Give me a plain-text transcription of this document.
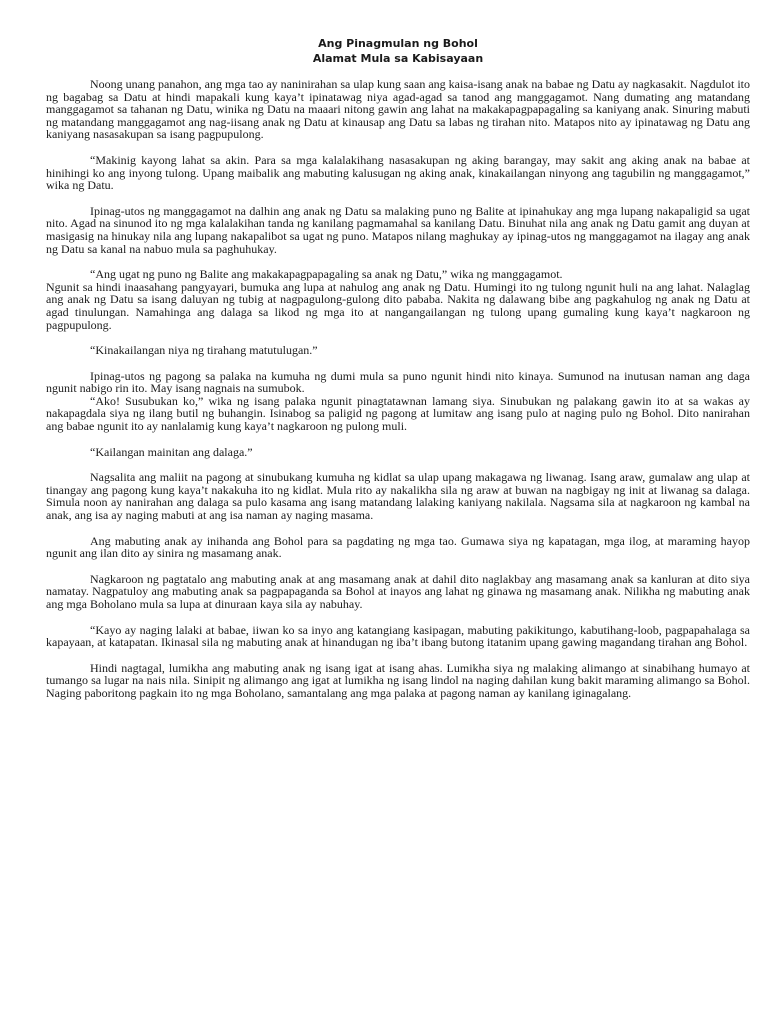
Ang Pinagmulan ng Bohol
Alamat Mula sa Kabisayaan

Noong unang panahon, ang mga tao ay naninirahan sa ulap kung saan ang kaisa-isang anak na babae ng Datu ay nagkasakit. Nagdulot ito ng bagabag sa Datu at hindi mapakali kung kaya’t ipinatawag niya agad-agad sa tanod ang manggagamot. Nang dumating ang matandang manggagamot sa tahanan ng Datu, winika ng Datu na maaari nitong gawin ang lahat na makakapagpapagaling sa kaniyang anak. Sinuring mabuti ng matandang manggagamot ang nag-iisang anak ng Datu at kinausap ang Datu sa labas ng tirahan nito. Matapos nito ay ipinatawag ng Datu ang kaniyang nasasakupan sa isang pagpupulong.

“Makinig kayong lahat sa akin. Para sa mga kalalakihang nasasakupan ng aking barangay, may sakit ang aking anak na babae at hinihingi ko ang inyong tulong. Upang maibalik ang mabuting kalusugan ng aking anak, kinakailangan ninyong ang tagubilin ng manggagamot,” wika ng Datu.

Ipinag-utos ng manggagamot na dalhin ang anak ng Datu sa malaking puno ng Balite at ipinahukay ang mga lupang nakapaligid sa ugat nito. Agad na sinunod ito ng mga kalalakihan tanda ng kanilang pagmamahal sa kanilang Datu. Binuhat nila ang anak ng Datu gamit ang duyan at masigasig na hinukay nila ang lupang nakapalibot sa ugat ng puno. Matapos nilang maghukay ay ipinag-utos ng manggagamot na ilagay ang anak ng Datu sa kanal na nabuo mula sa paghuhukay.

“Ang ugat ng puno ng Balite ang makakapagpapagaling sa anak ng Datu,” wika ng manggagamot.

Ngunit sa hindi inaasahang pangyayari, bumuka ang lupa at nahulog ang anak ng Datu. Humingi ito ng tulong ngunit huli na ang lahat. Nalaglag ang anak ng Datu sa isang daluyan ng tubig at nagpagulong-gulong dito pababa. Nakita ng dalawang bibe ang pagkahulog ng anak ng Datu at agad tinulungan. Namahinga ang dalaga sa likod ng mga ito at nangangailangan ng tulong upang gumaling kung kaya’t nagkaroon ng pagpupulong.

“Kinakailangan niya ng tirahang matutulugan.”

Ipinag-utos ng pagong sa palaka na kumuha ng dumi mula sa puno ngunit hindi nito kinaya. Sumunod na inutusan naman ang daga ngunit nabigo rin ito. May isang nagnais na sumubok.

“Ako! Susubukan ko,” wika ng isang palaka ngunit pinagtatawnan lamang siya. Sinubukan ng palakang gawin ito at sa wakas ay nakapagdala siya ng ilang butil ng buhangin. Isinabog sa paligid ng pagong at lumitaw ang isang pulo at naging pulo ng Bohol. Dito nanirahan ang babae ngunit ito ay nanlalamig kung kaya’t nagkaroon ng pulong muli.

“Kailangan mainitan ang dalaga.”

Nagsalita ang maliit na pagong at sinubukang kumuha ng kidlat sa ulap upang makagawa ng liwanag. Isang araw, gumalaw ang ulap at tinangay ang pagong kung kaya’t nakakuha ito ng kidlat. Mula rito ay nakalikha sila ng araw at buwan na nagbigay ng init at liwanag sa dalaga. Simula noon ay nanirahan ang dalaga sa pulo kasama ang isang matandang lalaking kaniyang nakilala. Nagsama sila at nagkaroon ng kambal na anak, ang isa ay naging mabuti at ang isa naman ay naging masama.

Ang mabuting anak ay inihanda ang Bohol para sa pagdating ng mga tao. Gumawa siya ng kapatagan, mga ilog, at maraming hayop ngunit ang ilan dito ay sinira ng masamang anak.

Nagkaroon ng pagtatalo ang mabuting anak at ang masamang anak at dahil dito naglakbay ang masamang anak sa kanluran at dito siya namatay. Nagpatuloy ang mabuting anak sa pagpapaganda sa Bohol at inayos ang lahat ng ginawa ng masamang anak. Nilikha ng mabuting anak ang mga Boholano mula sa lupa at dinuraan kaya sila ay nabuhay.

“Kayo ay naging lalaki at babae, iiwan ko sa inyo ang katangiang kasipagan, mabuting pakikitungo, kabutihang-loob, pagpapahalaga sa kapayaan, at katapatan. Ikinasal sila ng mabuting anak at hinandugan ng iba’t ibang butong itatanim upang gawing magandang tirahan ang Bohol.

Hindi nagtagal, lumikha ang mabuting anak ng isang igat at isang ahas. Lumikha siya ng malaking alimango at sinabihang humayo at tumango sa lugar na nais nila. Sinipit ng alimango ang igat at lumikha ng isang lindol na naging dahilan kung bakit maraming alimango sa Bohol. Naging paboritong pagkain ito ng mga Boholano, samantalang ang mga palaka at pagong naman ay kanilang iginagalang.
